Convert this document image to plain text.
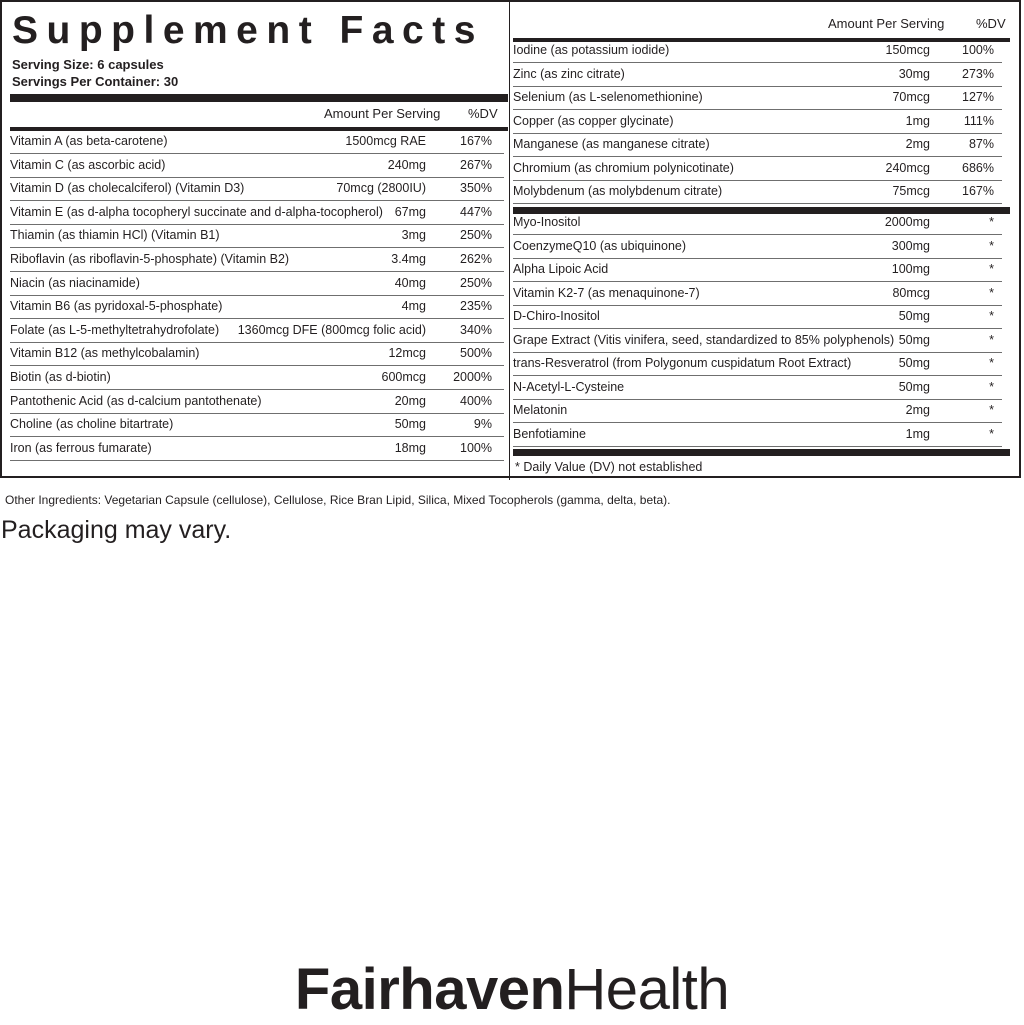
Supplement Facts
Serving Size: 6 capsules
Servings Per Container: 30
Amount Per Serving %DV
Amount Per Serving %DV
* Daily Value (DV) not established
Vitamin A (as beta-carotene)	1500mcg RAE	167%
Vitamin C (as ascorbic acid)	240mg	267%
Vitamin D (as cholecalciferol) (Vitamin D3)	70mcg (2800IU)	350%
Vitamin E (as d-alpha tocopheryl succinate and d-alpha-tocopherol) 67mg	447%
Thiamin (as thiamin HCl) (Vitamin B1)	3mg	250%
Riboflavin (as riboflavin-5-phosphate) (Vitamin B2)	3.4mg	262%
Niacin (as niacinamide)	40mg	250%
Vitamin B6 (as pyridoxal-5-phosphate)	4mg	235%
Folate (as L-5-methyltetrahydrofolate) 1360mcg DFE (800mcg folic acid)	340%
Vitamin B12 (as methylcobalamin)	12mcg	500%
Biotin (as d-biotin)	600mcg 2000%
Pantothenic Acid (as d-calcium pantothenate)	20mg	400%
Choline (as choline bitartrate)	50mg	9%
Iron (as ferrous fumarate)	18mg	100%
Iodine (as potassium iodide)	150mcg	100%
Zinc (as zinc citrate)	30mg	273%
Selenium (as L-selenomethionine)	70mcg	127%
Copper (as copper glycinate)	1mg	111%
Manganese (as manganese citrate)	2mg	87%
Chromium (as chromium polynicotinate)	240mcg	686%
Molybdenum (as molybdenum citrate)	75mcg	167%
Myo-Inositol	2000mg	*
CoenzymeQ10 (as ubiquinone)	300mg	*
Alpha Lipoic Acid	100mg	*
Vitamin K2-7 (as menaquinone-7)	80mcg	*
D-Chiro-Inositol	50mg	*
Grape Extract (Vitis vinifera, seed, standardized to 85% polyphenols) 50mg	*
trans-Resveratrol (from Polygonum cuspidatum Root Extract)	50mg	*
N-Acetyl-L-Cysteine	50mg	*
Melatonin	2mg	*
Benfotiamine	1mg	*
Other Ingredients: Vegetarian Capsule (cellulose), Cellulose, Rice Bran Lipid, Silica, Mixed Tocopherols (gamma, delta, beta).
Packaging may vary.
FairhavenHealth
